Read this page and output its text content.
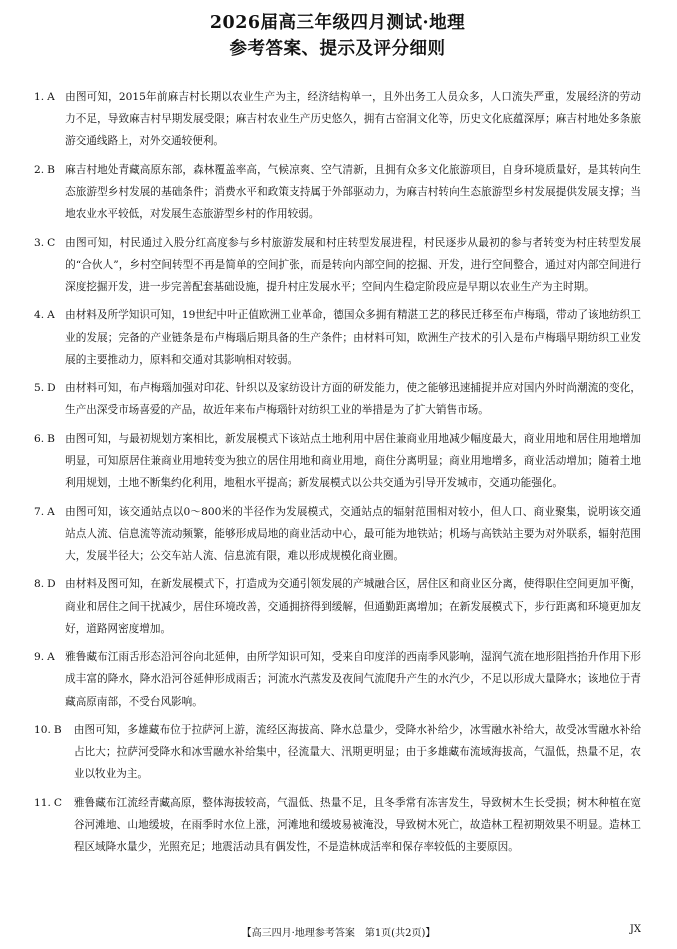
2026届高三年级四月测试·地理
参考答案、提示及评分细则
1. A 由图可知，2015年前麻吉村长期以农业生产为主，经济结构单一，且外出务工人员众多，人口流失严重，发展经济的劳动力不足，导致麻吉村早期发展受限；麻吉村农业生产历史悠久，拥有古窑洞文化等，历史文化底蕴深厚；麻吉村地处多条旅游交通线路上，对外交通较便利。
2. B 麻吉村地处青藏高原东部，森林覆盖率高，气候凉爽、空气清新，且拥有众多文化旅游项目，自身环境质量好，是其转向生态旅游型乡村发展的基础条件；消费水平和政策支持属于外部驱动力，为麻吉村转向生态旅游型乡村发展提供发展支撑；当地农业水平较低，对发展生态旅游型乡村的作用较弱。
3. C 由图可知，村民通过入股分红高度参与乡村旅游发展和村庄转型发展进程，村民逐步从最初的参与者转变为村庄转型发展的“合伙人”，乡村空间转型不再是简单的空间扩张，而是转向内部空间的挖掘、开发，进行空间整合，通过对内部空间进行深度挖掘开发，进一步完善配套基础设施，提升村庄发展水平；空间内生稳定阶段应是早期以农业生产为主时期。
4. A 由材料及所学知识可知，19世纪中叶正值欧洲工业革命，德国众多拥有精湛工艺的移民迁移至布卢梅瑙，带动了该地纺织工业的发展；完备的产业链条是布卢梅瑙后期具备的生产条件；由材料可知，欧洲生产技术的引入是布卢梅瑙早期纺织工业发展的主要推动力，原料和交通对其影响相对较弱。
5. D 由材料可知，布卢梅瑙加强对印花、针织以及家纺设计方面的研发能力，使之能够迅速捕捉并应对国内外时尚潮流的变化，生产出深受市场喜爱的产品，故近年来布卢梅瑙针对纺织工业的举措是为了扩大销售市场。
6. B 由图可知，与最初规划方案相比，新发展模式下该站点土地利用中居住兼商业用地减少幅度最大，商业用地和居住用地增加明显，可知原居住兼商业用地转变为独立的居住用地和商业用地，商住分离明显；商业用地增多，商业活动增加；随着土地利用规划，土地不断集约化利用，地租水平提高；新发展模式以公共交通为引导开发城市，交通功能强化。
7. A 由图可知，该交通站点以0～800米的半径作为发展模式，交通站点的辐射范围相对较小，但人口、商业聚集，说明该交通站点人流、信息流等流动频繁，能够形成局地的商业活动中心，最可能为地铁站；机场与高铁站主要为对外联系，辐射范围大，发展半径大；公交车站人流、信息流有限，难以形成规模化商业圈。
8. D 由材料及图可知，在新发展模式下，打造成为交通引领发展的产城融合区，居住区和商业区分离，使得职住空间更加平衡，商业和居住之间干扰减少，居住环境改善，交通拥挤得到缓解，但通勤距离增加；在新发展模式下，步行距离和环境更加友好，道路网密度增加。
9. A 雅鲁藏布江雨舌形态沿河谷向北延伸，由所学知识可知，受来自印度洋的西南季风影响，湿润气流在地形阻挡抬升作用下形成丰富的降水，降水沿河谷延伸形成雨舌；河流水汽蒸发及夜间气流爬升产生的水汽少，不足以形成大量降水；该地位于青藏高原南部，不受台风影响。
10. B	由图可知，多雄藏布位于拉萨河上游，流经区海拔高、降水总量少，受降水补给少，冰雪融水补给大，故受冰雪融水补给占比大；拉萨河受降水和冰雪融水补给集中，径流量大、汛期更明显；由于多雄藏布流域海拔高，气温低，热量不足，农业以牧业为主。
11. C	雅鲁藏布江流经青藏高原，整体海拔较高，气温低、热量不足，且冬季常有冻害发生，导致树木生长受损；树木种植在宽谷河滩地、山地缓坡，在雨季时水位上涨，河滩地和缓坡易被淹没，导致树木死亡，故造林工程初期效果不明显。造林工程区域降水量少，光照充足；地震活动具有偶发性，不是造林成活率和保存率较低的主要原因。
【高三四月·地理参考答案　第1页(共2页)】	JX
